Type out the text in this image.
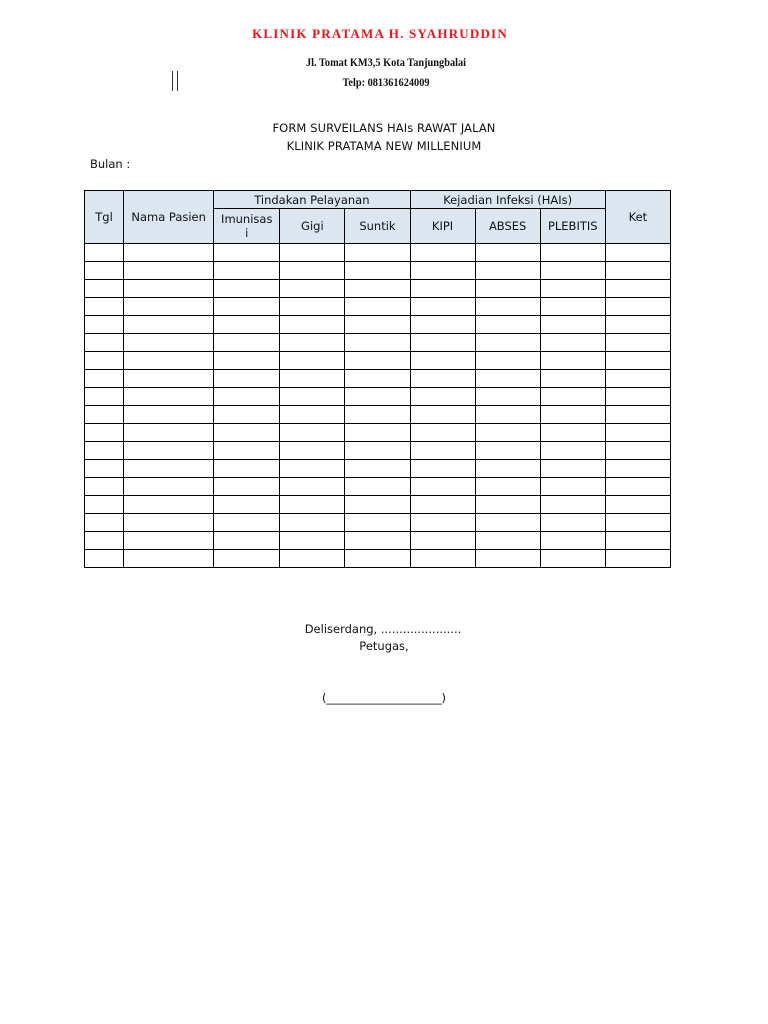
KLINIK PRATAMA H. SYAHRUDDIN
Jl. Tomat KM3,5 Kota Tanjungbalai
Telp: 081361624009
FORM SURVEILANS HAIs RAWAT JALAN
KLINIK PRATAMA NEW MILLENIUM
Bulan :
Tgl	Nama Pasien	Tindakan Pelayanan			Kejadian Infeksi (HAIs)			Ket
		Imunisasi	Gigi	Suntik	KIPI	ABSES	PLEBITIS	

Deliserdang, ......................
Petugas,
(____________________)
